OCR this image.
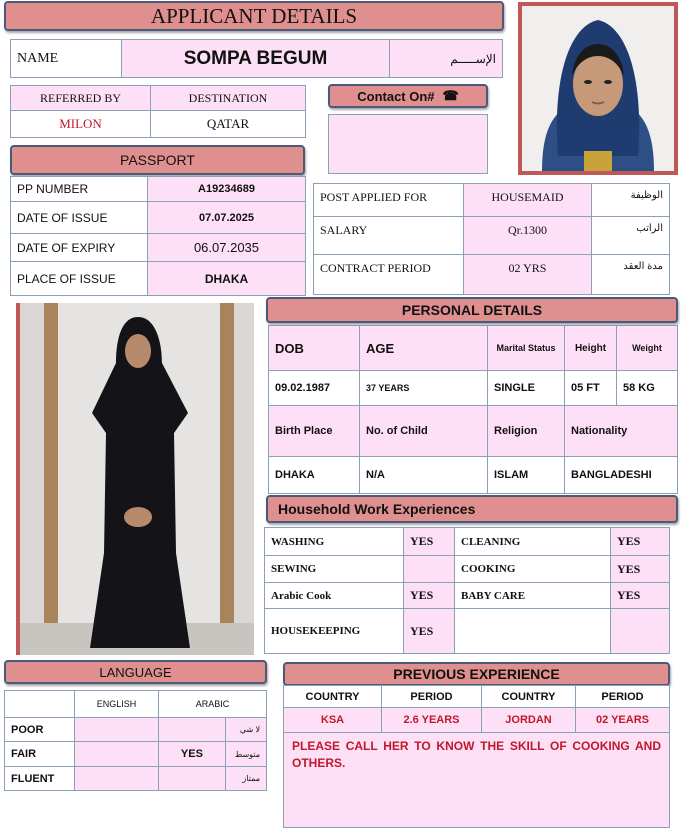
APPLICANT DETAILS
NAME	SOMPA BEGUM	الإســـــم
REFERRED BY	DESTINATION
MILON	QATAR
Contact On# ☎
PASSPORT
PP NUMBER	A19234689
DATE OF ISSUE	07.07.2025
DATE OF EXPIRY	06.07.2035
PLACE OF ISSUE	DHAKA
POST APPLIED FOR	HOUSEMAID	الوظيفة
SALARY	Qr.1300	الراتب
CONTRACT PERIOD	02 YRS	مدة العقد
PERSONAL DETAILS
DOB	AGE	Marital Status	Height	Weight
09.02.1987	37 YEARS	SINGLE	05 FT	58 KG
Birth Place	No. of Child	Religion	Nationality	
DHAKA	N/A	ISLAM	BANGLADESHI	
Household Work Experiences
WASHING	YES	CLEANING	YES
SEWING		COOKING	YES
Arabic Cook	YES	BABY CARE	YES
HOUSEKEEPING	YES		
LANGUAGE
	ENGLISH	ARABIC	
POOR			لا شي
FAIR		YES	متوسط
FLUENT			ممتاز
PREVIOUS EXPERIENCE
COUNTRY	PERIOD	COUNTRY	PERIOD
KSA	2.6 YEARS	JORDAN	02 YEARS
PLEASE CALL HER TO KNOW THE SKILL OF COOKING AND OTHERS.			
